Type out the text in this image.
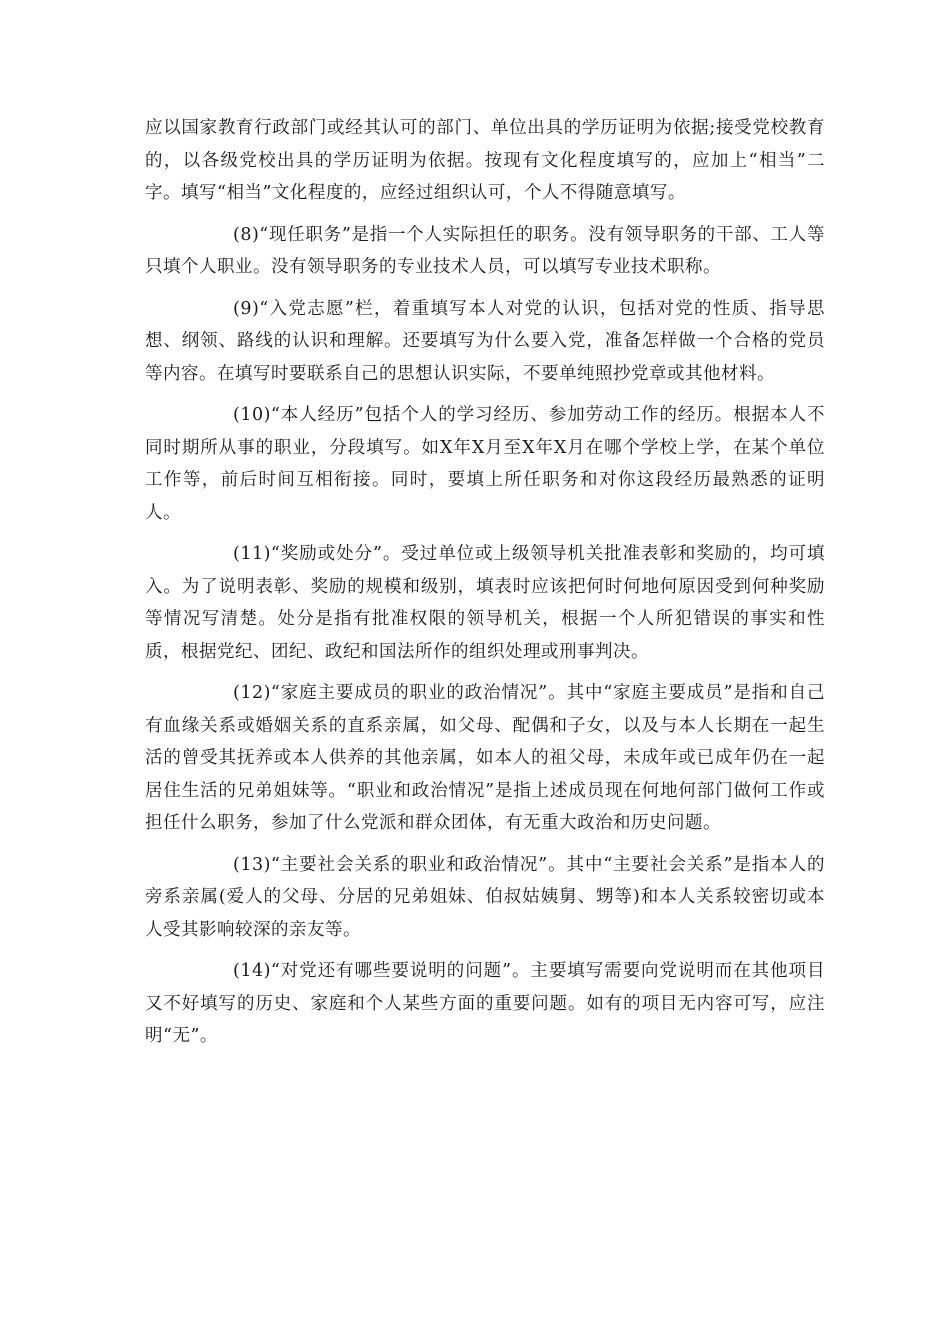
应以国家教育行政部门或经其认可的部门、单位出具的学历证明为依据;接受党校教育的，以各级党校出具的学历证明为依据。按现有文化程度填写的，应加上“相当”二字。填写“相当”文化程度的，应经过组织认可，个人不得随意填写。

(8)“现任职务”是指一个人实际担任的职务。没有领导职务的干部、工人等只填个人职业。没有领导职务的专业技术人员，可以填写专业技术职称。

(9)“入党志愿”栏，着重填写本人对党的认识，包括对党的性质、指导思想、纲领、路线的认识和理解。还要填写为什么要入党，准备怎样做一个合格的党员等内容。在填写时要联系自己的思想认识实际，不要单纯照抄党章或其他材料。

(10)“本人经历”包括个人的学习经历、参加劳动工作的经历。根据本人不同时期所从事的职业，分段填写。如X年X月至X年X月在哪个学校上学，在某个单位工作等，前后时间互相衔接。同时，要填上所任职务和对你这段经历最熟悉的证明人。

(11)“奖励或处分”。受过单位或上级领导机关批准表彰和奖励的，均可填入。为了说明表彰、奖励的规模和级别，填表时应该把何时何地何原因受到何种奖励等情况写清楚。处分是指有批准权限的领导机关，根据一个人所犯错误的事实和性质，根据党纪、团纪、政纪和国法所作的组织处理或刑事判决。

(12)“家庭主要成员的职业的政治情况”。其中“家庭主要成员”是指和自己有血缘关系或婚姻关系的直系亲属，如父母、配偶和子女，以及与本人长期在一起生活的曾受其抚养或本人供养的其他亲属，如本人的祖父母，未成年或已成年仍在一起居住生活的兄弟姐妹等。“职业和政治情况”是指上述成员现在何地何部门做何工作或担任什么职务，参加了什么党派和群众团体，有无重大政治和历史问题。

(13)“主要社会关系的职业和政治情况”。其中“主要社会关系”是指本人的旁系亲属(爱人的父母、分居的兄弟姐妹、伯叔姑姨舅、甥等)和本人关系较密切或本人受其影响较深的亲友等。

(14)“对党还有哪些要说明的问题”。主要填写需要向党说明而在其他项目又不好填写的历史、家庭和个人某些方面的重要问题。如有的项目无内容可写，应注明“无”。
